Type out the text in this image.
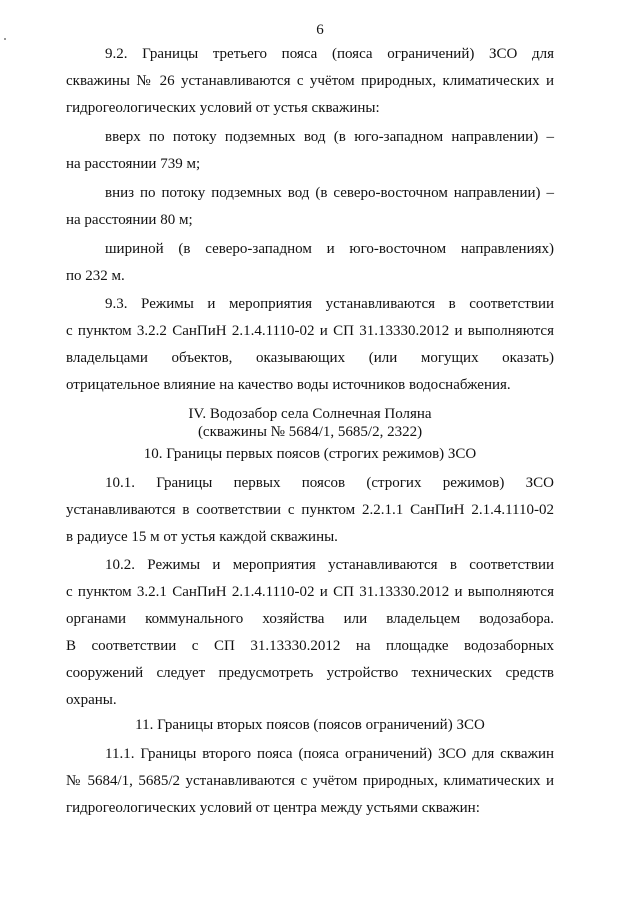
6
9.2. Границы третьего пояса (пояса ограничений) ЗСО для
скважины № 26 устанавливаются с учётом природных, климатических и
гидрогеологических условий от устья скважины:
вверх по потоку подземных вод (в юго-западном направлении) –
на расстоянии 739 м;
вниз по потоку подземных вод (в северо-восточном направлении) –
на расстоянии 80 м;
шириной (в северо-западном и юго-восточном направлениях)
по 232 м.
9.3. Режимы и мероприятия устанавливаются в соответствии
с пунктом 3.2.2 СанПиН 2.1.4.1110-02 и СП 31.13330.2012 и выполняются
владельцами объектов, оказывающих (или могущих оказать)
отрицательное влияние на качество воды источников водоснабжения.
IV. Водозабор села Солнечная Поляна
(скважины № 5684/1, 5685/2, 2322)
10. Границы первых поясов (строгих режимов) ЗСО
10.1. Границы первых поясов (строгих режимов) ЗСО
устанавливаются в соответствии с пунктом 2.2.1.1 СанПиН 2.1.4.1110-02
в радиусе 15 м от устья каждой скважины.
10.2. Режимы и мероприятия устанавливаются в соответствии
с пунктом 3.2.1 СанПиН 2.1.4.1110-02 и СП 31.13330.2012 и выполняются
органами коммунального хозяйства или владельцем водозабора.
В соответствии с СП 31.13330.2012 на площадке водозаборных
сооружений следует предусмотреть устройство технических средств
охраны.
11. Границы вторых поясов (поясов ограничений) ЗСО
11.1. Границы второго пояса (пояса ограничений) ЗСО для скважин
№ 5684/1, 5685/2 устанавливаются с учётом природных, климатических и
гидрогеологических условий от центра между устьями скважин:
